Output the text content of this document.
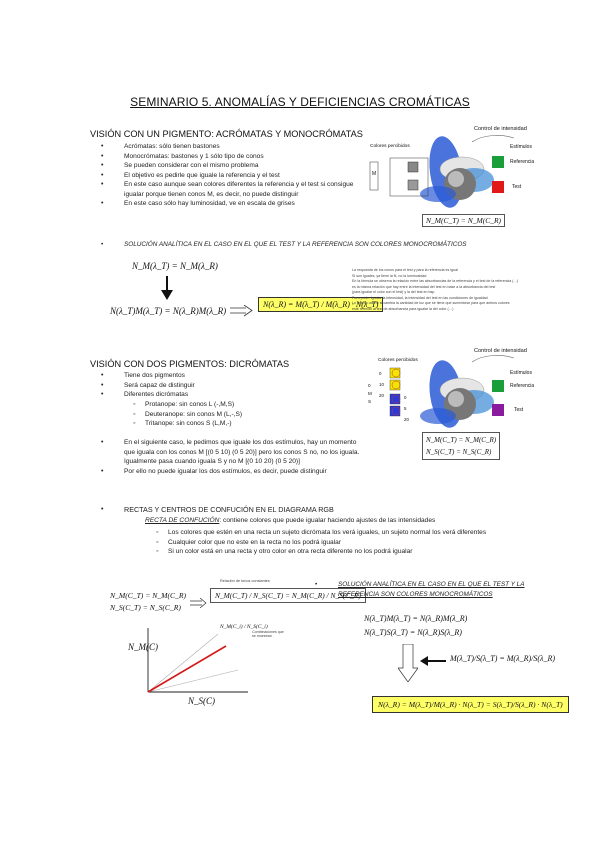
SEMINARIO 5. ANOMALÍAS Y DEFICIENCIAS CROMÁTICAS
VISIÓN CON UN PIGMENTO: ACRÓMATAS Y MONOCRÓMATAS
• Acrómatas: sólo tienen bastones
• Monocrómatas: bastones y 1 sólo tipo de conos
• Se pueden considerar con el mismo problema
• El objetivo es pedirle que iguale la referencia y el test
• En este caso aunque sean colores diferentes la referencia y el test si consigue igualar porque tienen conos M, es decir, no puede distinguir
• En este caso sólo hay luminosidad, ve en escala de grises
Control de intensidad
Colores percibidos	Estímulos
Referencia
Test
M
N_M(C_T) = N_M(C_R)
•	SOLUCIÓN ANALÍTICA EN EL CASO EN EL QUE EL TEST Y LA REFERENCIA SON COLORES MONOCROMÁTICOS
N_M(λ_T) = N_M(λ_R)
N(λ_T)M(λ_T) = N(λ_R)M(λ_R)
N(λ_R) = M(λ_T) / M(λ_R) · N(λ_T)
La respuesta de los conos para el test y para la referencia es igual
Si son iguales, ya tiene la N, no la luminosidad
En la fórmula se observa la relación entre las absorbancias de la referencia y el test de la referencia (…)
es la misma relación que hay entre la intensidad del test en base a la absorbancia del test
(para igualar el color con el test) y la del test en bsp.
Para poder igualar la intensidad, la intensidad del test en las condiciones de igualdad
Lo mismo ocurre si cambia la cantidad de luz que se tiene que suministrar para que ambos colores
esté referido al test de absorbancia para igualar la del color (…)
VISIÓN CON DOS PIGMENTOS: DICRÓMATAS
• Tiene dos pigmentos
• Será capaz de distinguir
• Diferentes dicrómatas
◦ Protanope: sin conos L (-,M,S)
◦ Deuteranope: sin conos M (L,-,S)
◦ Tritanope: sin conos S (L,M,-)
• En el siguiente caso, le pedimos que iguale los dos estímulos, hay un momento que iguala con los conos M [(0 5 10) (0 5 20)] pero los conos S no, no los iguala. Igualmente pasa cuando iguala S y no M [(0 10 20) (0 5 20)]
• Por ello no puede igualar los dos estímulos, es decir, puede distinguir
Control de intensidad
Colores percibidos
Estímulos
Referencia
Test
0
M
S
0
10
20	0
5
20
N_M(C_T) = N_M(C_R)
N_S(C_T) = N_S(C_R)
• RECTAS Y CENTROS DE CONFUCIÓN EN EL DIAGRAMA RGB
RECTA DE CONFUCIÓN: contiene colores que puede igualar haciendo ajustes de las intensidades
◦ Los colores que estén en una recta un sujeto dicrómata los verá iguales, un sujeto normal los verá diferentes
◦ Cualquier color que no este en la recta no los podrá igualar
◦ Si un color está en una recta y otro color en otra recta diferente no los podrá igualar
N_M(C_T) = N_M(C_R)
N_S(C_T) = N_S(C_R)
Relación de tonos constantes
N_M(C_T) / N_S(C_T) = N_M(C_R) / N_S(C_R)
N_M(C)
N_S(C)
N_M(C_i) / N_S(C_i)
Combinaciones que se muestran
•	SOLUCIÓN ANALÍTICA EN EL CASO EN EL QUE EL TEST Y LA REFERENCIA SON COLORES MONOCROMÁTICOS
N(λ_T)M(λ_T) = N(λ_R)M(λ_R)
N(λ_T)S(λ_T) = N(λ_R)S(λ_R)
M(λ_T)/S(λ_T) = M(λ_R)/S(λ_R)
N(λ_R) = M(λ_T)/M(λ_R) · N(λ_T) = S(λ_T)/S(λ_R) · N(λ_T)
